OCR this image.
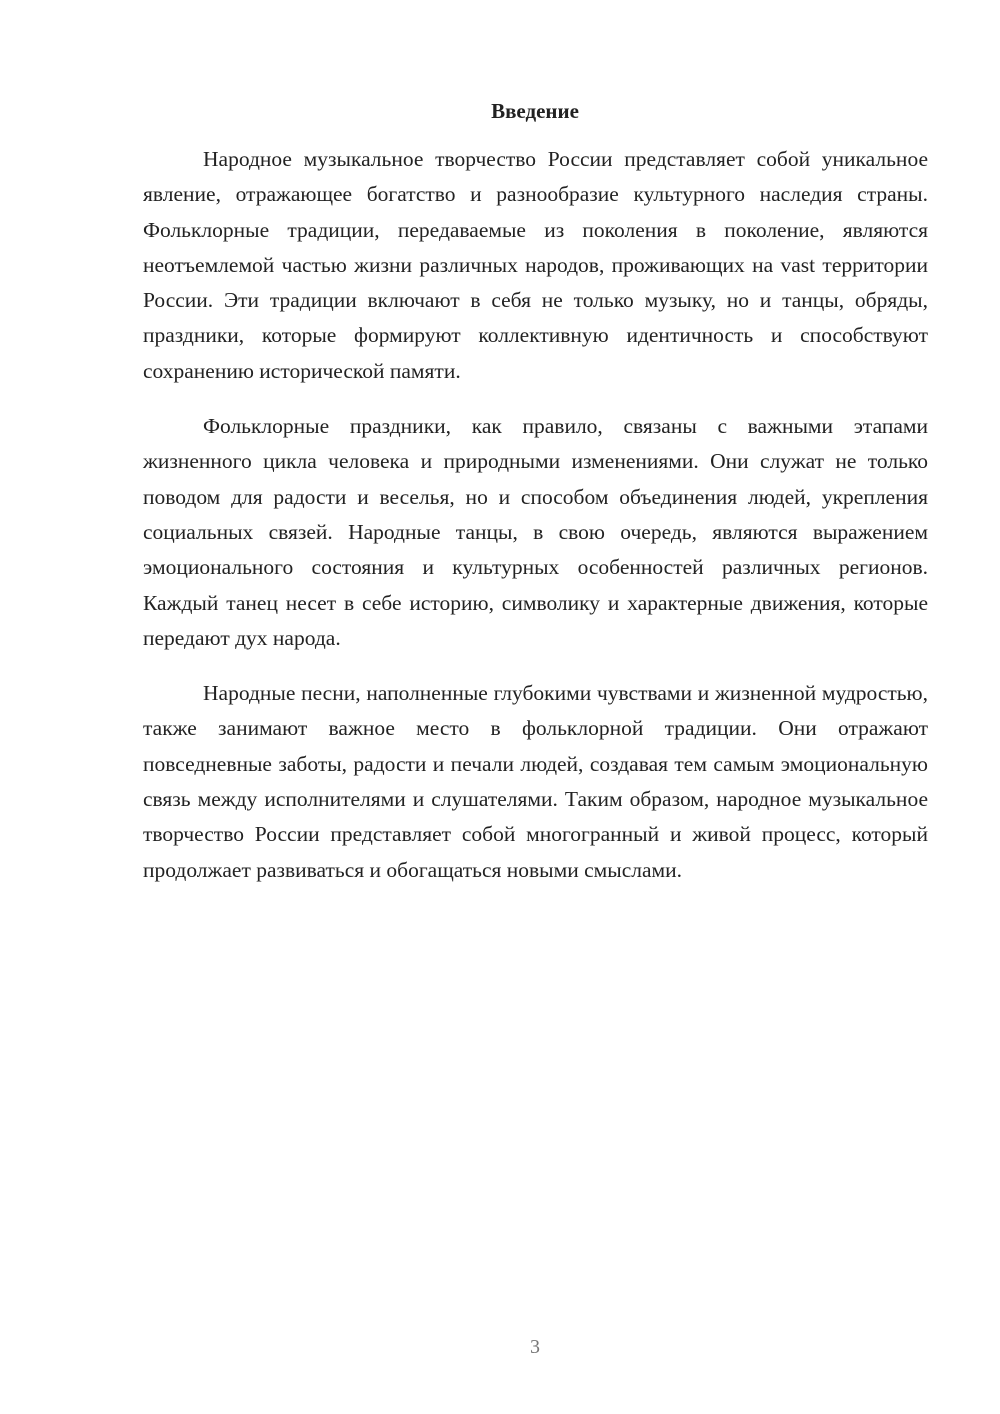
Введение

Народное музыкальное творчество России представляет собой уникальное явление, отражающее богатство и разнообразие культурного наследия страны. Фольклорные традиции, передаваемые из поколения в поколение, являются неотъемлемой частью жизни различных народов, проживающих на vast территории России. Эти традиции включают в себя не только музыку, но и танцы, обряды, праздники, которые формируют коллективную идентичность и способствуют сохранению исторической памяти.

Фольклорные праздники, как правило, связаны с важными этапами жизненного цикла человека и природными изменениями. Они служат не только поводом для радости и веселья, но и способом объединения людей, укрепления социальных связей. Народные танцы, в свою очередь, являются выражением эмоционального состояния и культурных особенностей различных регионов. Каждый танец несет в себе историю, символику и характерные движения, которые передают дух народа.

Народные песни, наполненные глубокими чувствами и жизненной мудростью, также занимают важное место в фольклорной традиции. Они отражают повседневные заботы, радости и печали людей, создавая тем самым эмоциональную связь между исполнителями и слушателями. Таким образом, народное музыкальное творчество России представляет собой многогранный и живой процесс, который продолжает развиваться и обогащаться новыми смыслами.

3
